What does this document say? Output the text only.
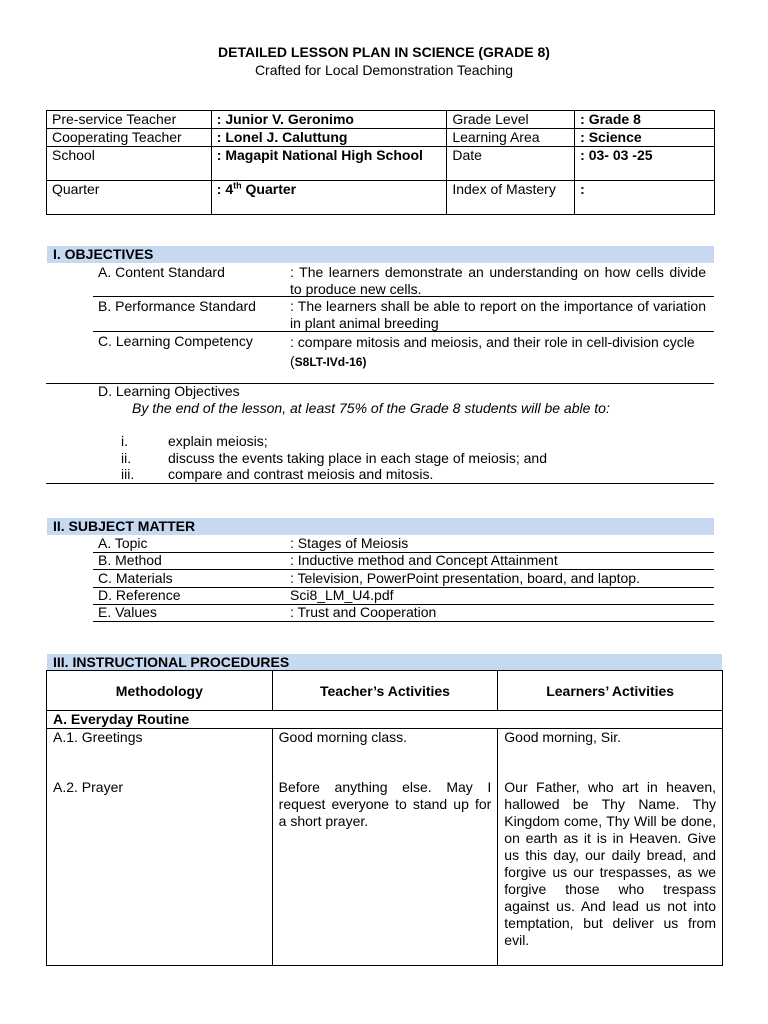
DETAILED LESSON PLAN IN SCIENCE (GRADE 8)
Crafted for Local Demonstration Teaching
Pre-service Teacher	: Junior V. Geronimo	Grade Level	: Grade 8
Cooperating Teacher	: Lonel J. Caluttung	Learning Area	: Science
School	: Magapit National High School	Date	: 03- 03 -25
Quarter	: 4th Quarter	Index of Mastery	:
I. OBJECTIVES
A. Content Standard	: The learners demonstrate an understanding on how cells divide to produce new cells.
B. Performance Standard	: The learners shall be able to report on the importance of variation in plant animal breeding
C. Learning Competency	: compare mitosis and meiosis, and their role in cell-division cycle (S8LT-IVd-16)
D. Learning Objectives
By the end of the lesson, at least 75% of the Grade 8 students will be able to:
i.	explain meiosis;
ii.	discuss the events taking place in each stage of meiosis; and
iii. compare and contrast meiosis and mitosis.
II. SUBJECT MATTER
A. Topic	: Stages of Meiosis
B. Method	: Inductive method and Concept Attainment
C. Materials	: Television, PowerPoint presentation, board, and laptop.
D. Reference	Sci8_LM_U4.pdf
E. Values	: Trust and Cooperation
III. INSTRUCTIONAL PROCEDURES
Methodology	Teacher’s Activities	Learners’ Activities
A. Everyday Routine		
A.1. Greetings	Good morning class.	Good morning, Sir.
A.2. Prayer	Before anything else. May I request everyone to stand up for a short prayer.	Our Father, who art in heaven, hallowed be Thy Name. Thy Kingdom come, Thy Will be done, on earth as it is in Heaven. Give us this day, our daily bread, and forgive us our trespasses, as we forgive those who trespass against us. And lead us not into temptation, but deliver us from evil.
